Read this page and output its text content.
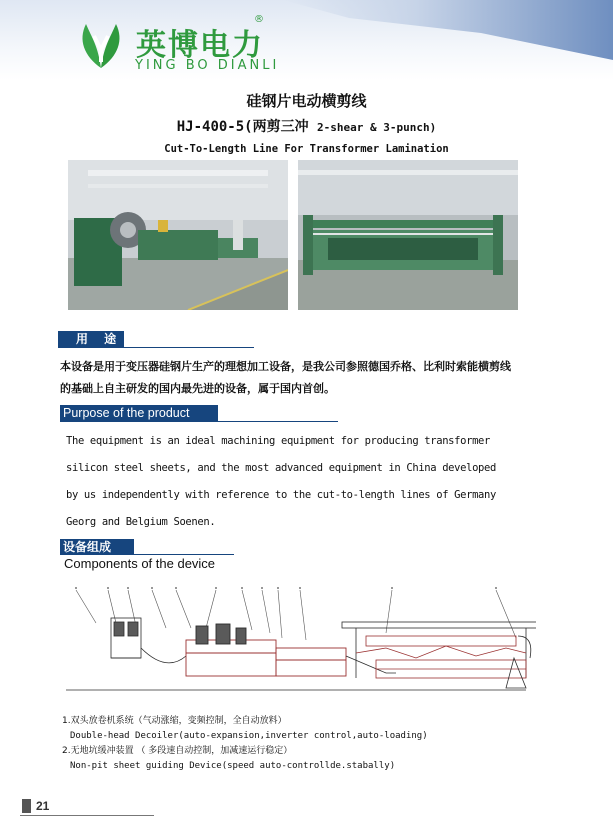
英博电力
®
YING BO DIANLI
硅钢片电动横剪线
HJ-400-5(两剪三冲 2-shear & 3-punch)
Cut-To-Length Line For Transformer Lamination
用 途
本设备是用于变压器硅钢片生产的理想加工设备，是我公司参照德国乔格、比利时索能横剪线
的基础上自主研发的国内最先进的设备，属于国内首创。
Purpose of the product
The equipment is an ideal machining equipment for producing transformer
silicon steel sheets, and the most advanced equipment in China developed
by us independently with reference to the cut-to-length lines of Germany
Georg and Belgium Soenen.
设备组成
Components of the device
1.双头放卷机系统（气动涨缩，变频控制，全自动放料）
Double-head Decoiler(auto-expansion,inverter control,auto-loading)
2.无地坑缓冲装置 （ 多段速自动控制，加减速运行稳定）
Non-pit sheet guiding Device(speed auto-controllde.stabally)
21
